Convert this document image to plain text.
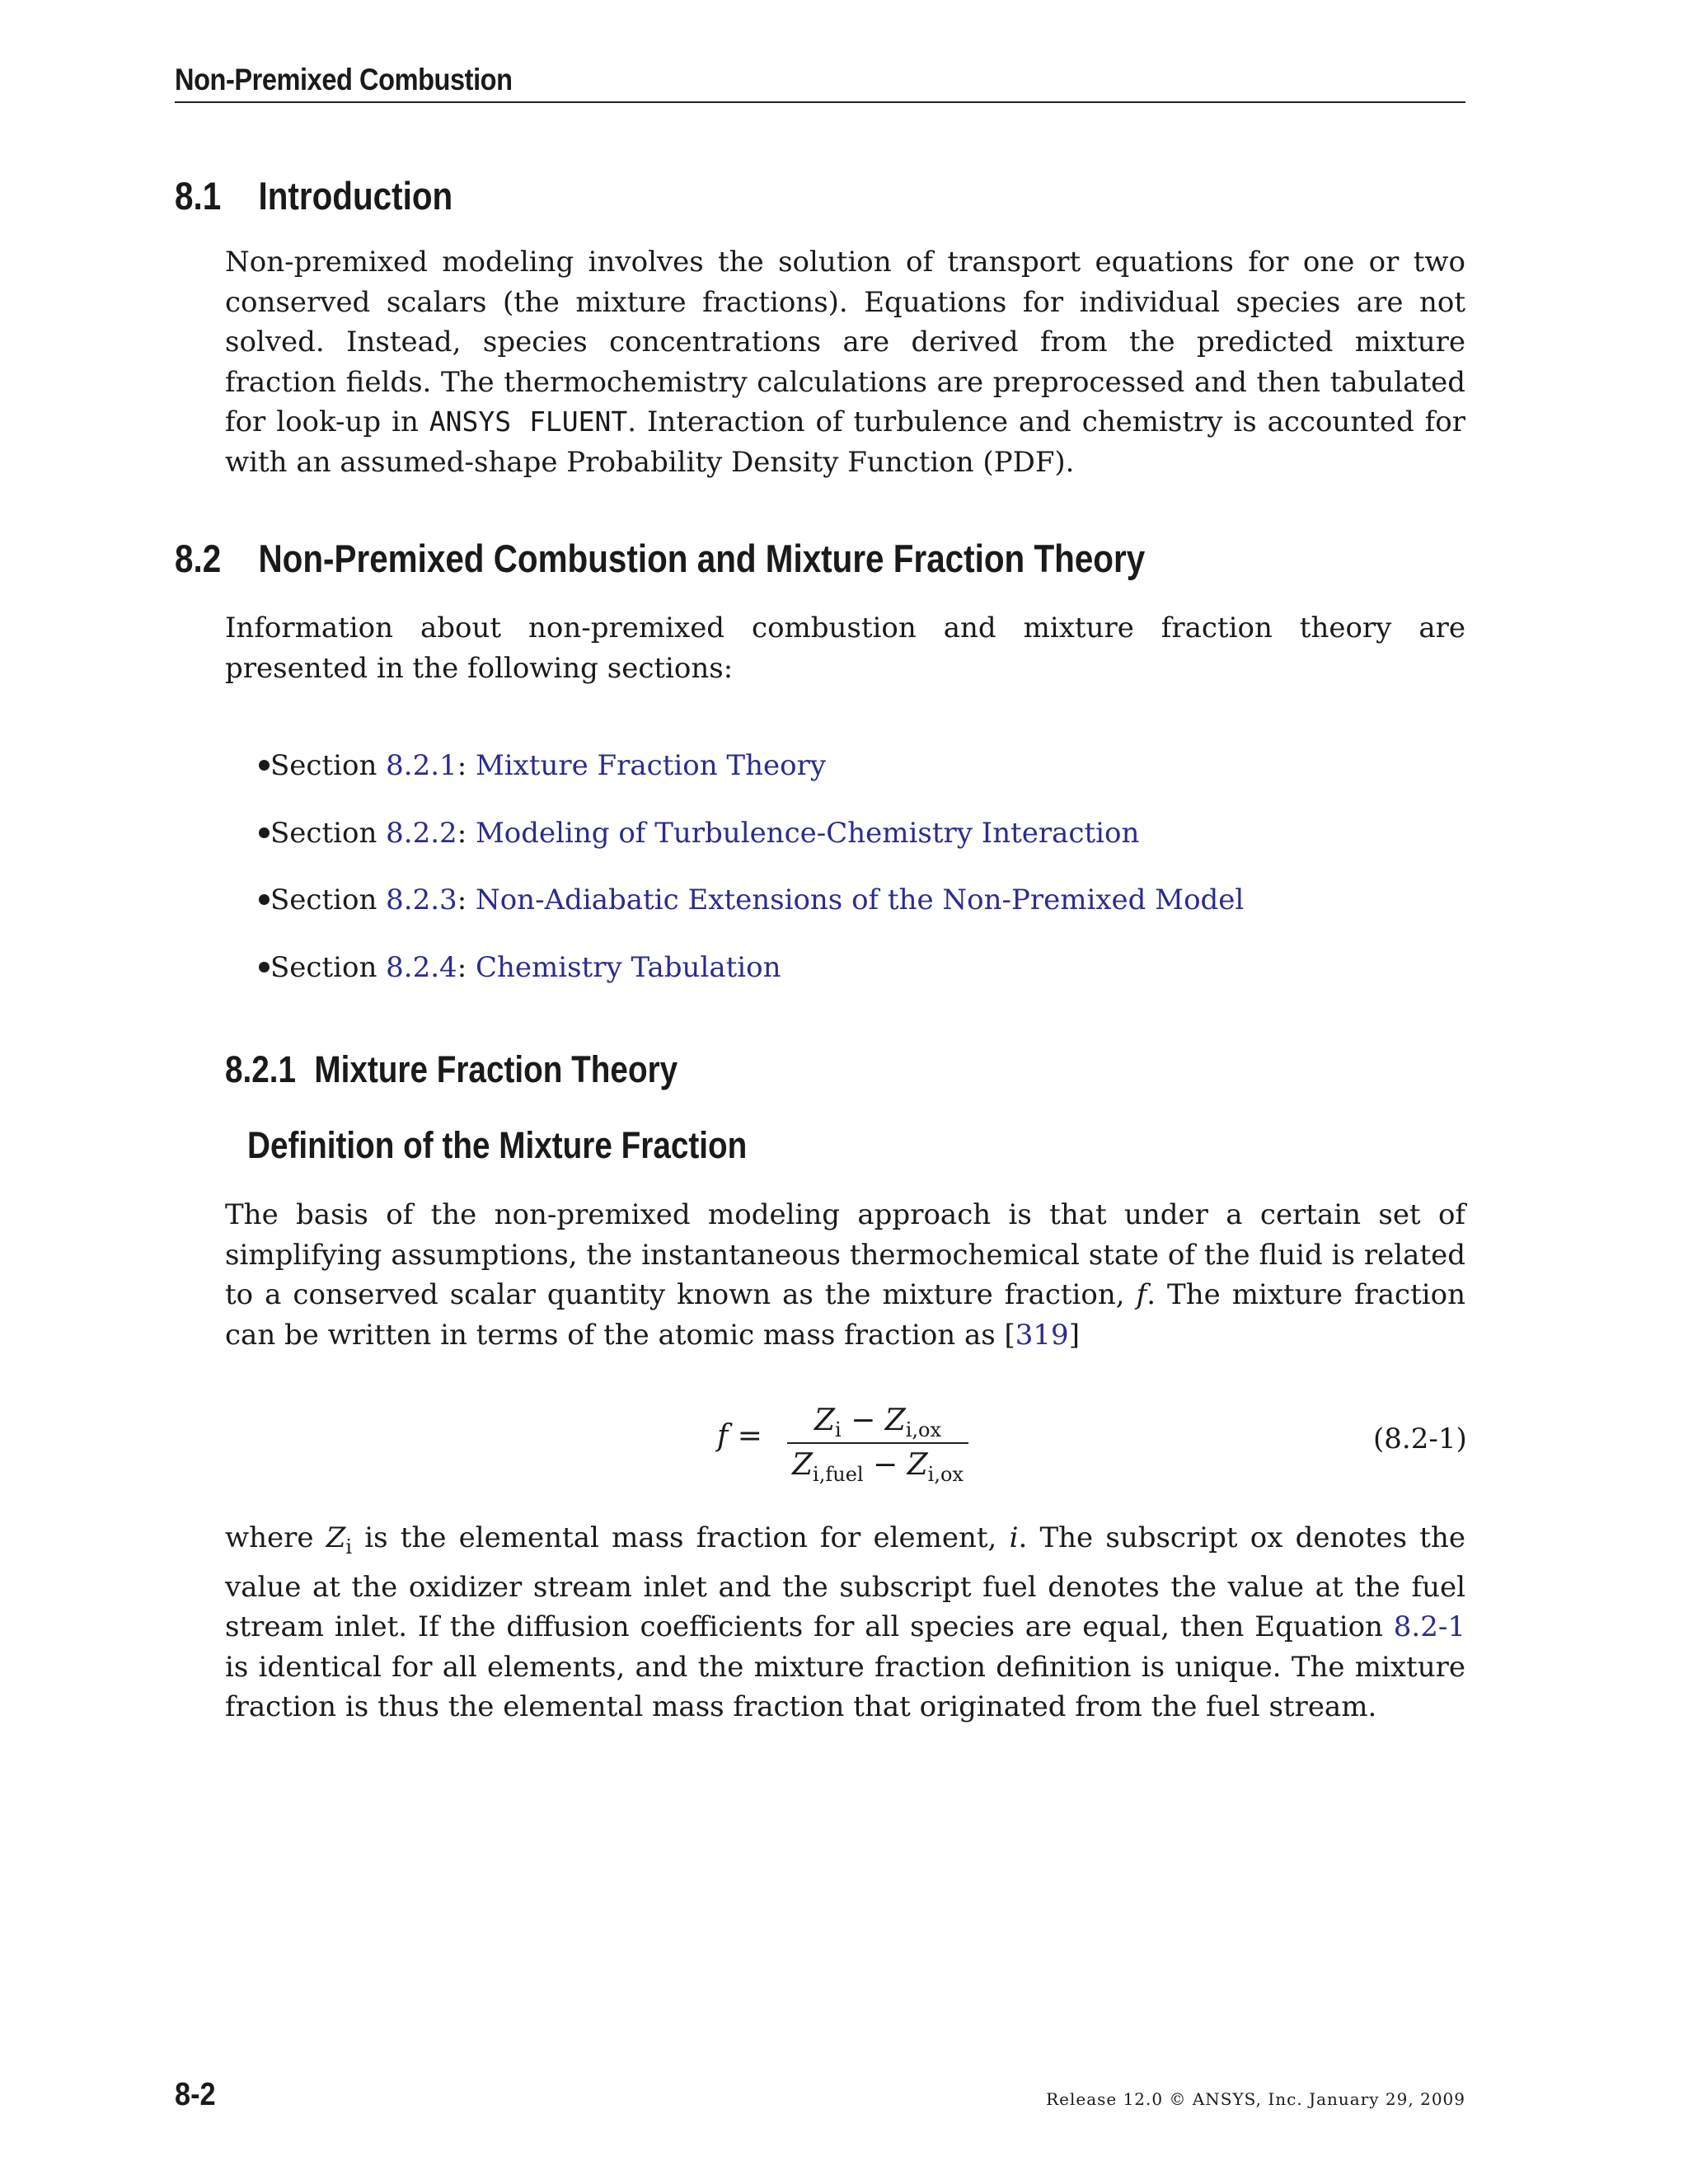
Non-Premixed Combustion
8.1 Introduction

Non-premixed modeling involves the solution of transport equations for one or two conserved scalars (the mixture fractions). Equations for individual species are not solved. Instead, species concentrations are derived from the predicted mixture fraction fields. The thermochemistry calculations are preprocessed and then tabulated for look-up in ANSYS FLUENT. Interaction of turbulence and chemistry is accounted for with an assumed-shape Probability Density Function (PDF).

8.2 Non-Premixed Combustion and Mixture Fraction Theory

Information about non-premixed combustion and mixture fraction theory are presented in the following sections:

Section 8.2.1: Mixture Fraction Theory
Section 8.2.2: Modeling of Turbulence-Chemistry Interaction
Section 8.2.3: Non-Adiabatic Extensions of the Non-Premixed Model
Section 8.2.4: Chemistry Tabulation
8.2.1 Mixture Fraction Theory
Definition of the Mixture Fraction

The basis of the non-premixed modeling approach is that under a certain set of simplifying assumptions, the instantaneous thermochemical state of the fluid is related to a conserved scalar quantity known as the mixture fraction, f. The mixture fraction can be written in terms of the atomic mass fraction as [319]

f =	$Z_i - Z_{i,ox}$
$Z_{i,fuel} - Z_{i,ox}$
(8.2-1)

where $Z_i$ is the elemental mass fraction for element, i. The subscript ox denotes the value at the oxidizer stream inlet and the subscript fuel denotes the value at the fuel stream inlet. If the diffusion coefficients for all species are equal, then Equation 8.2-1 is identical for all elements, and the mixture fraction definition is unique. The mixture fraction is thus the elemental mass fraction that originated from the fuel stream.

8-2	Release 12.0 © ANSYS, Inc. January 29, 2009
